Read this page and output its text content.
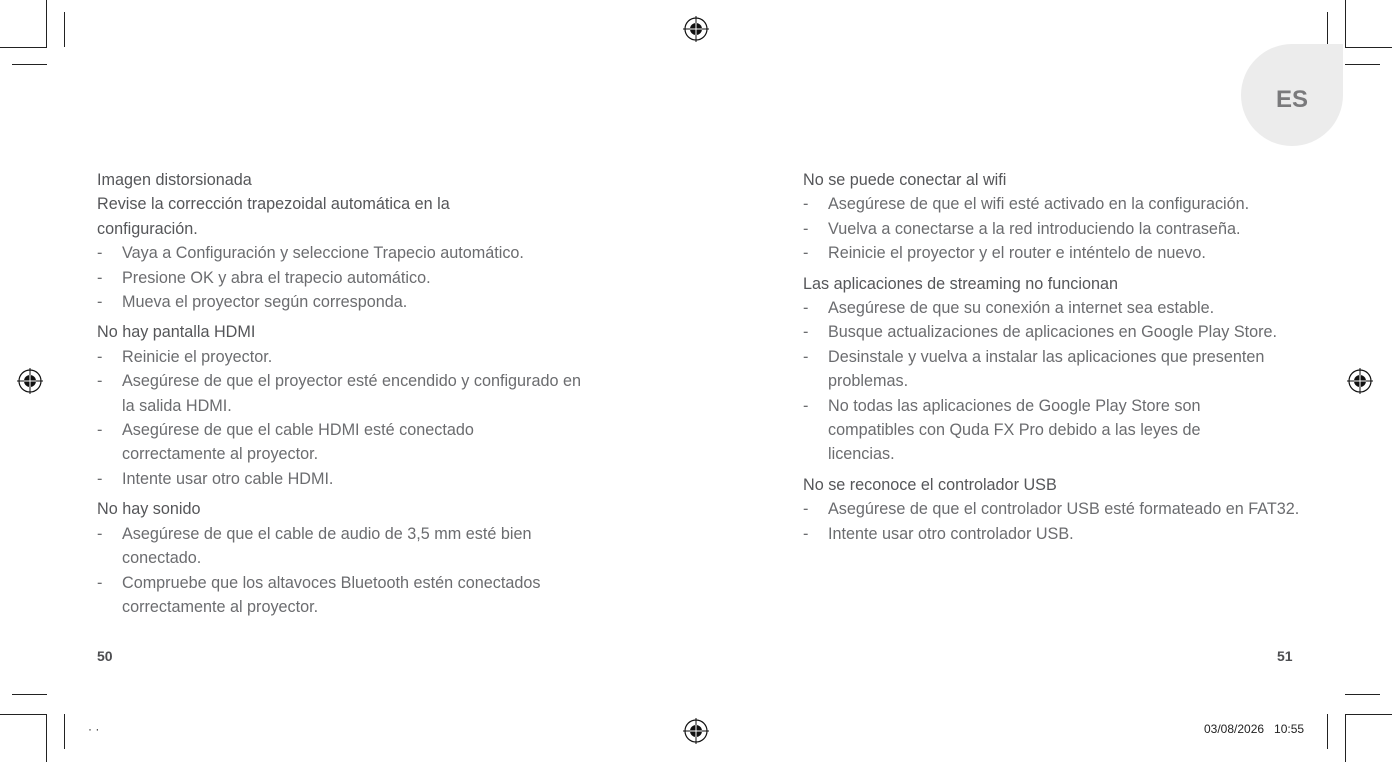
ES
Imagen distorsionada
Revise la corrección trapezoidal automática en la configuración.
- Vaya a Configuración y seleccione Trapecio automático.
- Presione OK y abra el trapecio automático.
- Mueva el proyector según corresponda.
No hay pantalla HDMI
- Reinicie el proyector.
- Asegúrese de que el proyector esté encendido y configurado en la salida HDMI.
- Asegúrese de que el cable HDMI esté conectado correctamente al proyector.
- Intente usar otro cable HDMI.
No hay sonido
- Asegúrese de que el cable de audio de 3,5 mm esté bien conectado.
- Compruebe que los altavoces Bluetooth estén conectados correctamente al proyector.
No se puede conectar al wifi
- Asegúrese de que el wifi esté activado en la configuración.
- Vuelva a conectarse a la red introduciendo la contraseña.
- Reinicie el proyector y el router e inténtelo de nuevo.
Las aplicaciones de streaming no funcionan
- Asegúrese de que su conexión a internet sea estable.
- Busque actualizaciones de aplicaciones en Google Play Store.
- Desinstale y vuelva a instalar las aplicaciones que presenten problemas.
- No todas las aplicaciones de Google Play Store son compatibles con Quda FX Pro debido a las leyes de licencias.
No se reconoce el controlador USB
- Asegúrese de que el controlador USB esté formateado en FAT32.
- Intente usar otro controlador USB.
50	51
· ·	03/08/2026   10:55
